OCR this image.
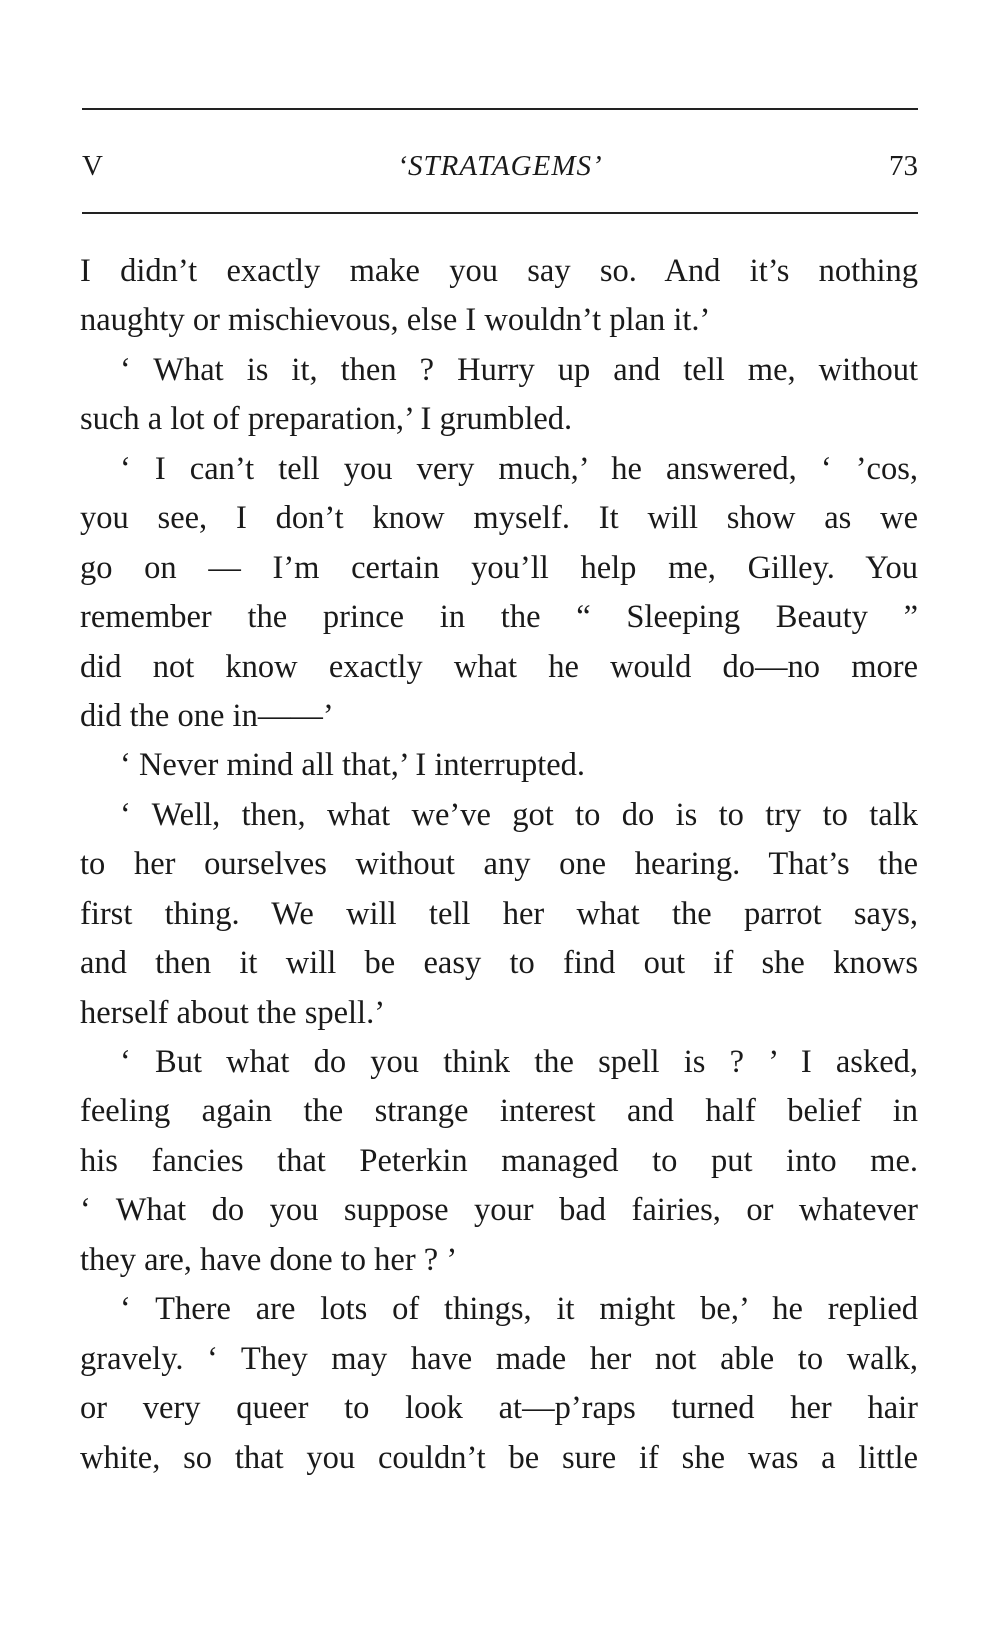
V	‘STRATAGEMS’	73
I didn’t exactly make you say so. And it’s nothing
naughty or mischievous, else I wouldn’t plan it.’
‘ What is it, then ? Hurry up and tell me, without
such a lot of preparation,’ I grumbled.
‘ I can’t tell you very much,’ he answered, ‘ ’cos,
you see, I don’t know myself. It will show as we
go on — I’m certain you’ll help me, Gilley. You
remember the prince in the “ Sleeping Beauty ”
did not know exactly what he would do—no more
did the one in——’
‘ Never mind all that,’ I interrupted.
‘ Well, then, what we’ve got to do is to try to talk
to her ourselves without any one hearing. That’s the
first thing. We will tell her what the parrot says,
and then it will be easy to find out if she knows
herself about the spell.’
‘ But what do you think the spell is ? ’ I asked,
feeling again the strange interest and half belief in
his fancies that Peterkin managed to put into me.
‘ What do you suppose your bad fairies, or whatever
they are, have done to her ? ’
‘ There are lots of things, it might be,’ he replied
gravely. ‘ They may have made her not able to walk,
or very queer to look at—p’raps turned her hair
white, so that you couldn’t be sure if she was a little
